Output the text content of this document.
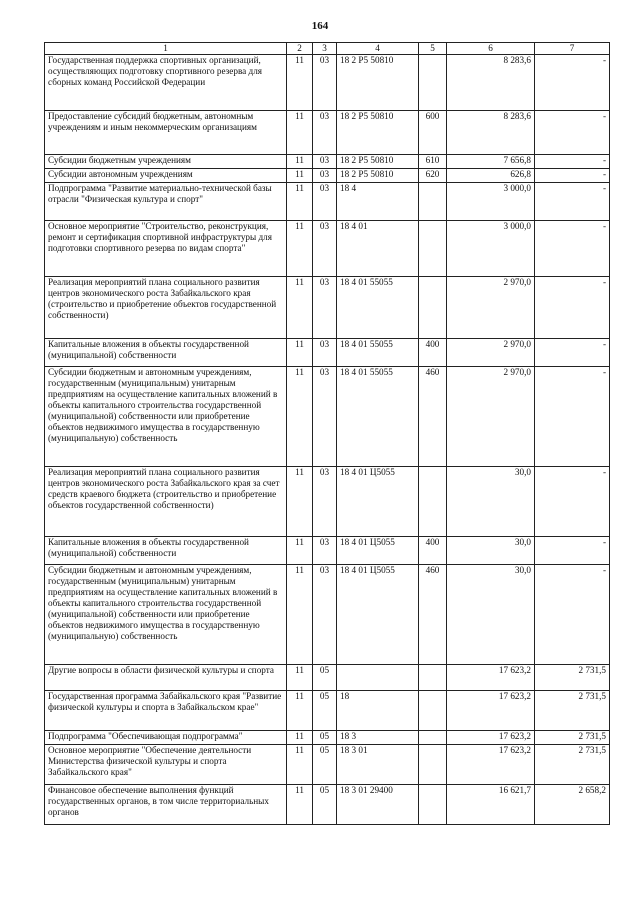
164
1	2	3	4	5	6	7
Государственная поддержка спортивных организаций, осуществляющих подготовку спортивного резерва для сборных команд Российской Федерации	11	03	18 2 P5 50810		8 283,6	-
Предоставление субсидий бюджетным, автономным учреждениям и иным некоммерческим организациям	11	03	18 2 P5 50810	600	8 283,6	-
Субсидии бюджетным учреждениям	11	03	18 2 P5 50810	610	7 656,8	-
Субсидии автономным учреждениям	11	03	18 2 P5 50810	620	626,8	-
Подпрограмма "Развитие материально-технической базы отрасли "Физическая культура и спорт"	11	03	18 4		3 000,0	-
Основное мероприятие "Строительство, реконструкция, ремонт и сертификация спортивной инфраструктуры для подготовки спортивного резерва по видам спорта"	11	03	18 4 01		3 000,0	-
Реализация мероприятий плана социального развития центров экономического роста Забайкальского края (строительство и приобретение объектов государственной собственности)	11	03	18 4 01 55055		2 970,0	-
Капитальные вложения в объекты государственной (муниципальной) собственности	11	03	18 4 01 55055	400	2 970,0	-
Субсидии бюджетным и автономным учреждениям, государственным (муниципальным) унитарным предприятиям на осуществление капитальных вложений в объекты капитального строительства государственной (муниципальной) собственности или приобретение объектов недвижимого имущества в государственную (муниципальную) собственность	11	03	18 4 01 55055	460	2 970,0	-
Реализация мероприятий плана социального развития центров экономического роста Забайкальского края за счет средств краевого бюджета (строительство и приобретение объектов государственной собственности)	11	03	18 4 01 Ц5055		30,0	-
Капитальные вложения в объекты государственной (муниципальной) собственности	11	03	18 4 01 Ц5055	400	30,0	-
Субсидии бюджетным и автономным учреждениям, государственным (муниципальным) унитарным предприятиям на осуществление капитальных вложений в объекты капитального строительства государственной (муниципальной) собственности или приобретение объектов недвижимого имущества в государственную (муниципальную) собственность	11	03	18 4 01 Ц5055	460	30,0	-
Другие вопросы в области физической культуры и спорта	11	05			17 623,2	2 731,5
Государственная программа Забайкальского края "Развитие физической культуры и спорта в Забайкальском крае"	11	05	18		17 623,2	2 731,5
Подпрограмма "Обеспечивающая подпрограмма"	11	05	18 3		17 623,2	2 731,5
Основное мероприятие "Обеспечение деятельности Министерства физической культуры и спорта Забайкальского края"	11	05	18 3 01		17 623,2	2 731,5
Финансовое обеспечение выполнения функций государственных органов, в том числе территориальных органов	11	05	18 3 01 29400		16 621,7	2 658,2
